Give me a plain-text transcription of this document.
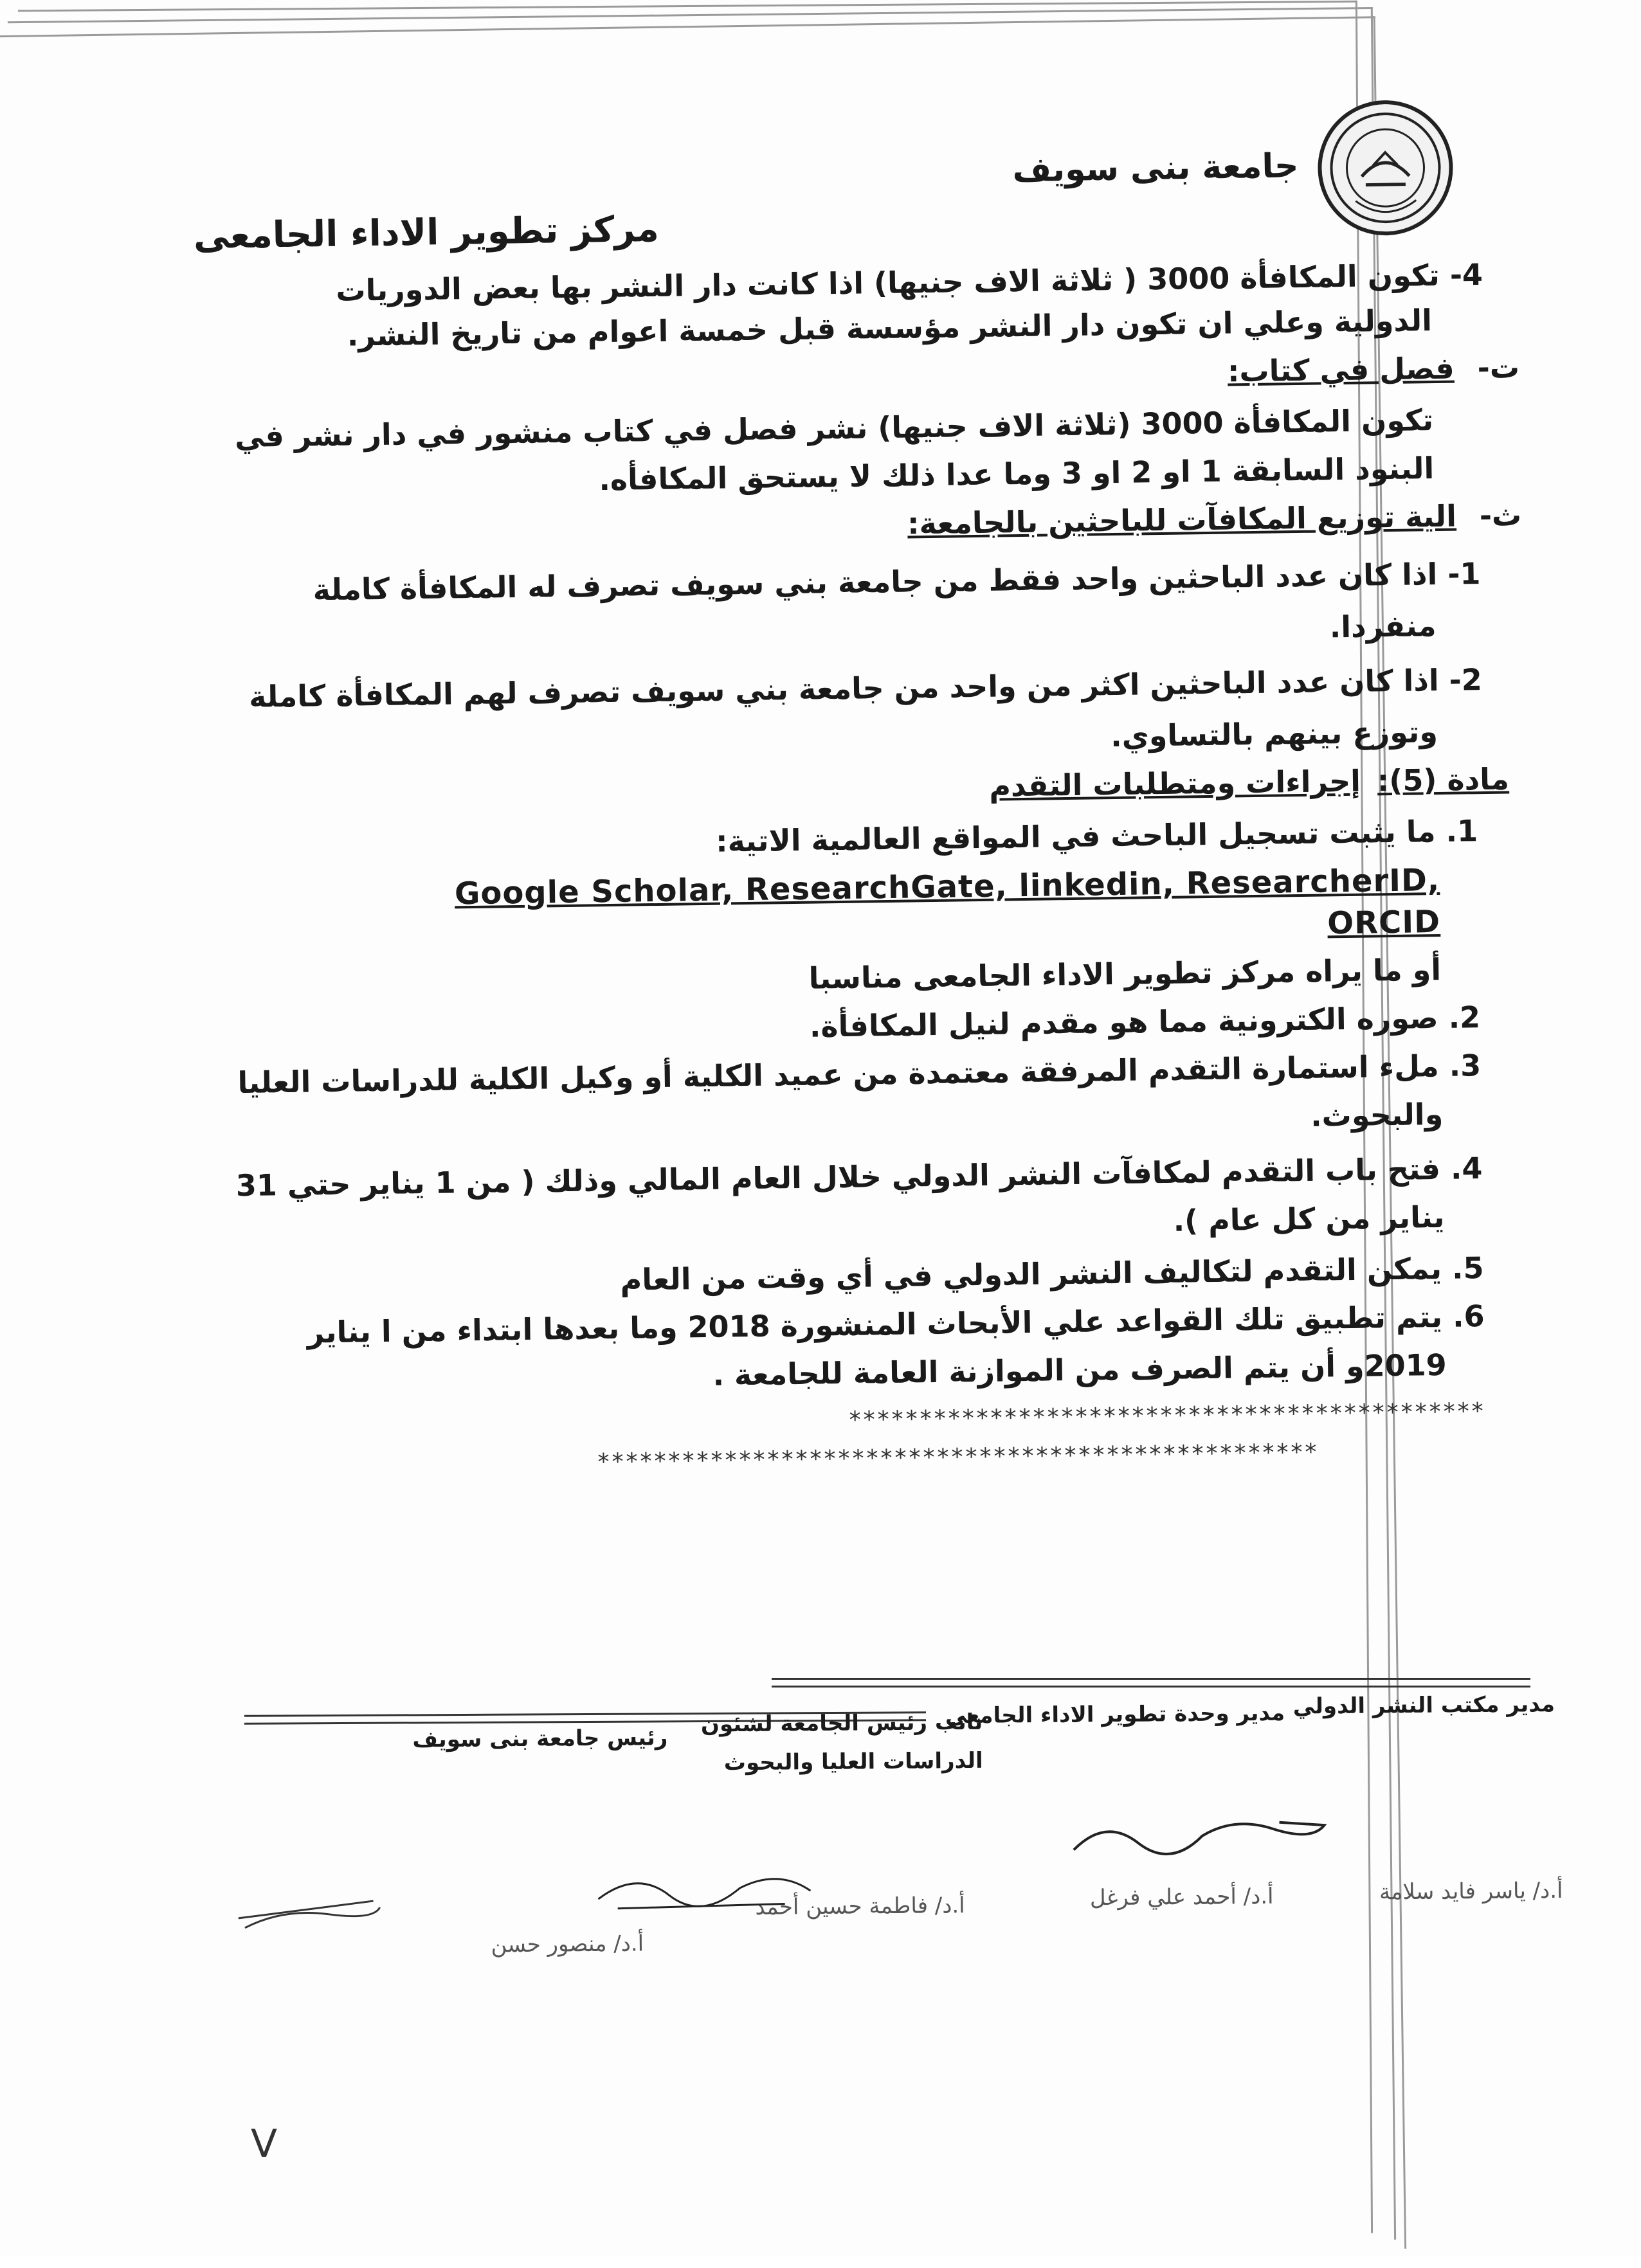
جامعة بنى سويف
مركز تطوير الاداء الجامعى
4- تكون المكافأة 3000 ( ثلاثة الاف جنيها) اذا كانت دار النشر بها بعض الدوريات
الدولية وعلي ان تكون دار النشر مؤسسة قبل خمسة اعوام من تاريخ النشر.
ت- فصل في كتاب:
تكون المكافأة 3000 (ثلاثة الاف جنيها) نشر فصل في كتاب منشور في دار نشر في
البنود السابقة 1 او 2 او 3 وما عدا ذلك لا يستحق المكافأه.
ث- الية توزيع المكافآت للباحثين بالجامعة:
1- اذا كان عدد الباحثين واحد فقط من جامعة بني سويف تصرف له المكافأة كاملة
منفردا.
2- اذا كان عدد الباحثين اكثر من واحد من جامعة بني سويف تصرف لهم المكافأة كاملة
وتوزع بينهم بالتساوي.
مادة (5): إجراءات ومتطلبات التقدم
1. ما يثبت تسجيل الباحث في المواقع العالمية الاتية:
Google Scholar, ResearchGate, linkedin, ResearcherID,
ORCID
أو ما يراه مركز تطوير الاداء الجامعى مناسبا
2. صوره الكترونية مما هو مقدم لنيل المكافأة.
3. ملء استمارة التقدم المرفقة معتمدة من عميد الكلية أو وكيل الكلية للدراسات العليا
والبحوث.
4. فتح باب التقدم لمكافآت النشر الدولي خلال العام المالي وذلك ( من 1 يناير حتي 31
يناير من كل عام ).
5. يمكن التقدم لتكاليف النشر الدولي في أي وقت من العام
6. يتم تطبيق تلك القواعد علي الأبحاث المنشورة 2018 وما بعدها ابتداء من ا يناير
2019و أن يتم الصرف من الموازنة العامة للجامعة .
*********************************************
***************************************************
مدير مكتب النشر الدولي
مدير وحدة تطوير الاداء الجامعي
نائب رئيس الجامعة لشئون
الدراسات العليا والبحوث
رئيس جامعة بنى سويف
أ.د/ ياسر فايد سلامة
أ.د/ أحمد علي فرغل
أ.د/ فاطمة حسين أحمد
أ.د/ منصور حسن
V
